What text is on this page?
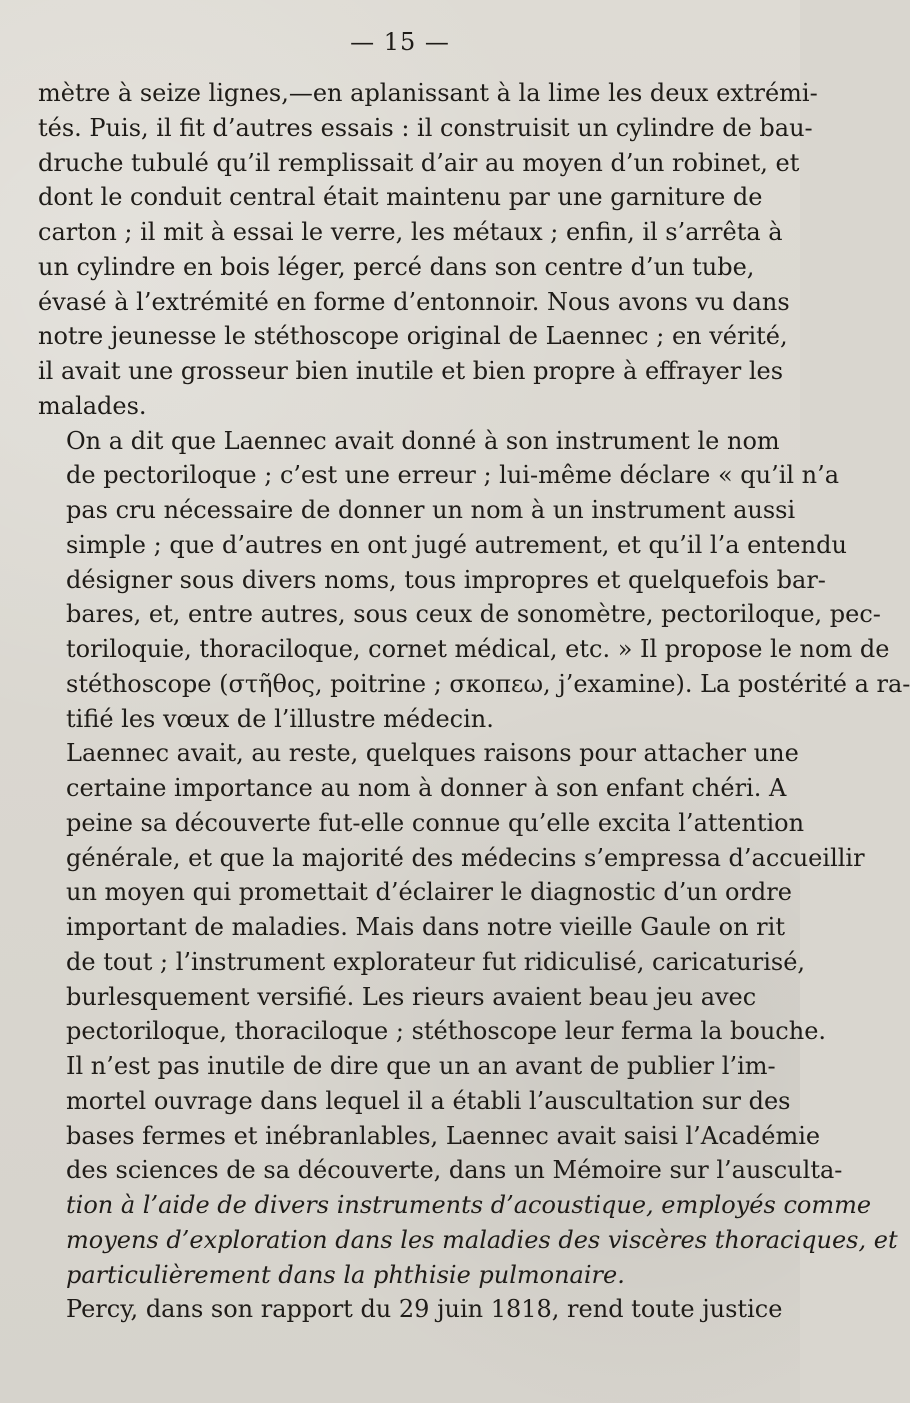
— 15 —

mètre à seize lignes,—en aplanissant à la lime les deux extrémi-
tés. Puis, il fit d’autres essais : il construisit un cylindre de bau-
druche tubulé qu’il remplissait d’air au moyen d’un robinet, et
dont le conduit central était maintenu par une garniture de
carton ; il mit à essai le verre, les métaux ; enfin, il s’arrêta à
un cylindre en bois léger, percé dans son centre d’un tube,
évasé à l’extrémité en forme d’entonnoir. Nous avons vu dans
notre jeunesse le stéthoscope original de Laennec ; en vérité,
il avait une grosseur bien inutile et bien propre à effrayer les
malades.

On a dit que Laennec avait donné à son instrument le nom
de pectoriloque ; c’est une erreur ; lui-même déclare « qu’il n’a
pas cru nécessaire de donner un nom à un instrument aussi
simple ; que d’autres en ont jugé autrement, et qu’il l’a entendu
désigner sous divers noms, tous impropres et quelquefois bar-
bares, et, entre autres, sous ceux de sonomètre, pectoriloque, pec-
toriloquie, thoraciloque, cornet médical, etc. » Il propose le nom de
stéthoscope (στῆθος, poitrine ; σκοπεω, j’examine). La postérité a ra-
tifié les vœux de l’illustre médecin.

Laennec avait, au reste, quelques raisons pour attacher une
certaine importance au nom à donner à son enfant chéri. A
peine sa découverte fut-elle connue qu’elle excita l’attention
générale, et que la majorité des médecins s’empressa d’accueillir
un moyen qui promettait d’éclairer le diagnostic d’un ordre
important de maladies. Mais dans notre vieille Gaule on rit
de tout ; l’instrument explorateur fut ridiculisé, caricaturisé,
burlesquement versifié. Les rieurs avaient beau jeu avec
pectoriloque, thoraciloque ; stéthoscope leur ferma la bouche.

Il n’est pas inutile de dire que un an avant de publier l’im-
mortel ouvrage dans lequel il a établi l’auscultation sur des
bases fermes et inébranlables, Laennec avait saisi l’Académie
des sciences de sa découverte, dans un Mémoire sur l’ausculta-
tion à l’aide de divers instruments d’acoustique, employés comme
moyens d’exploration dans les maladies des viscères thoraciques, et
particulièrement dans la phthisie pulmonaire.

Percy, dans son rapport du 29 juin 1818, rend toute justice
